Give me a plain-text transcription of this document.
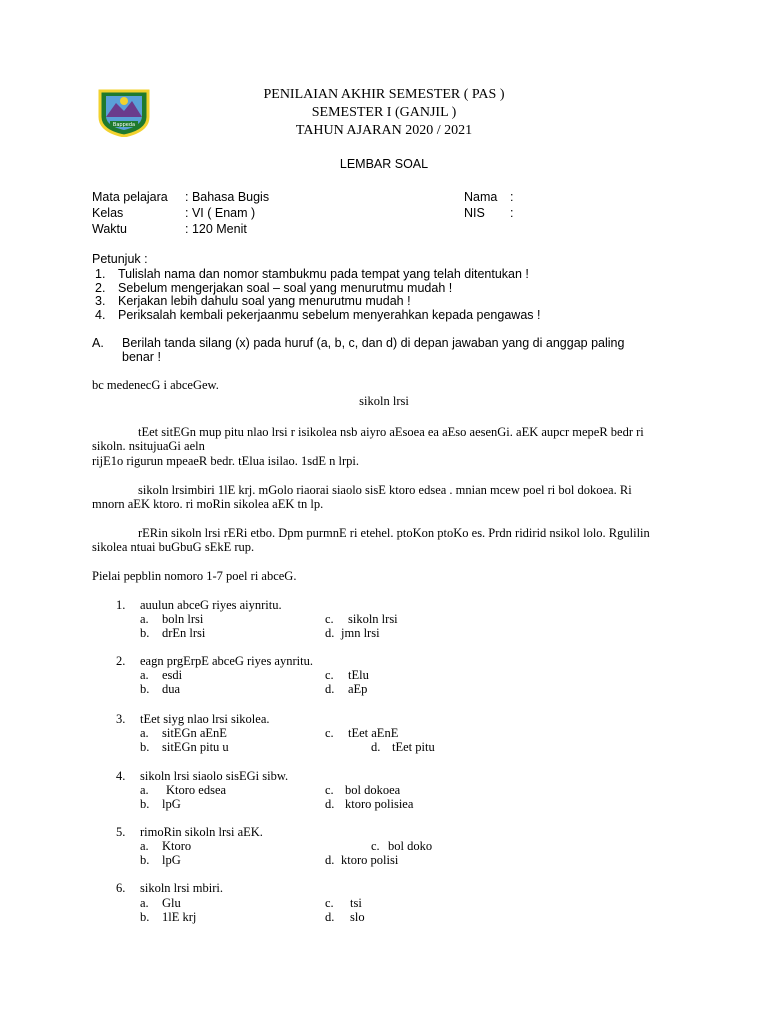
Bappeda
PENILAIAN AKHIR SEMESTER ( PAS )
SEMESTER I (GANJIL )
TAHUN AJARAN 2020 / 2021
LEMBAR SOAL
Mata pelajara : Bahasa Bugis
Kelas	: VI ( Enam )
Waktu	: 120 Menit
Nama :
NIS :
Petunjuk :
1. Tulislah nama dan nomor stambukmu pada tempat yang telah ditentukan !
2. Sebelum mengerjakan soal – soal yang menurutmu mudah !
3. Kerjakan lebih dahulu soal yang menurutmu mudah !
4. Periksalah kembali pekerjaanmu sebelum menyerahkan kepada pengawas !
A. Berilah tanda silang (x) pada huruf (a, b, c, dan d) di depan jawaban yang di anggap paling
benar !
bc medenecG i abceGew.
sikoln lrsi
tEet sitEGn mup pitu nlao lrsi r isikolea nsb aiyro aEsoea ea aEso aesenGi. aEK aupcr mepeR bedr ri
sikoln. nsitujuaGi aeln
rijE1o rigurun mpeaeR bedr. tElua isilao. 1sdE n lrpi.
sikoln lrsimbiri 1lE krj. mGolo riaorai siaolo sisE ktoro edsea . mnian mcew poel ri bol dokoea. Ri
mnorn aEK ktoro. ri moRin sikolea aEK tn lp.
rERin sikoln lrsi rERi etbo. Dpm purmnE ri etehel. ptoKon ptoKo es. Prdn ridirid nsikol lolo. Rgulilin
sikolea ntuai buGbuG sEkE rup.
Pielai pepblin nomoro 1-7 poel ri abceG.
1. auulun abceG riyes aiynritu.
a. boln lrsi	c. sikoln lrsi
b. drEn lrsi	d. jmn lrsi
2. eagn prgErpE abceG riyes aynritu.
a. esdi	c. tElu
b. dua	d. aEp
3. tEet siyg nlao lrsi sikolea.
a. sitEGn aEnE	c. tEet aEnE
b. sitEGn pitu u	d. tEet pitu
4. sikoln lrsi siaolo sisEGi sibw.
a. Ktoro edsea	c. bol dokoea
b. lpG	d. ktoro polisiea
5. rimoRin sikoln lrsi aEK.
a. Ktoro	c. bol doko
b. lpG	d. ktoro polisi
6. sikoln lrsi mbiri.
a. Glu	c. tsi
b. 1lE krj	d. slo
